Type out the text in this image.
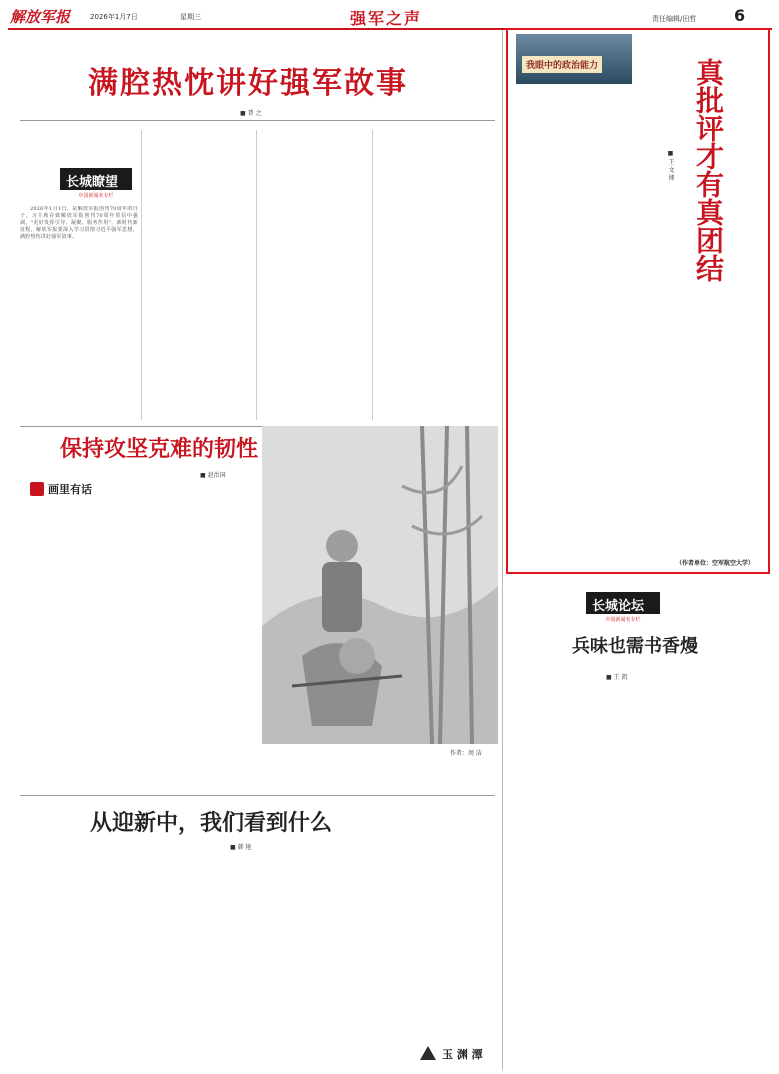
解放军报	2026年1月7日	星期三	强军之声	责任编辑/田哲 6
满腔热忱讲好强军故事
■ 普 之
长城瞭望
中国新闻名专栏

2026年1月1日，是解放军报创刊70周年的日子。习主席在致解放军报创刊70周年贺信中强调，"更好发挥引导、凝聚、服务作用"。新时代新征程，解放军报要深入学习贯彻习近平强军思想，满腔热忱讲好强军故事。

我眼中的政治能力	真批评才有真团结
■ 王 文 博
（作者单位：空军航空大学）
保持攻坚克难的韧性
■ 赵治国
画里有话
作者：周 洁
从迎新中，我们看到什么
■ 韩 艳
玉 渊 潭
长城论坛
中国新闻名专栏
兵味也需书香熳
■ 王 凯
